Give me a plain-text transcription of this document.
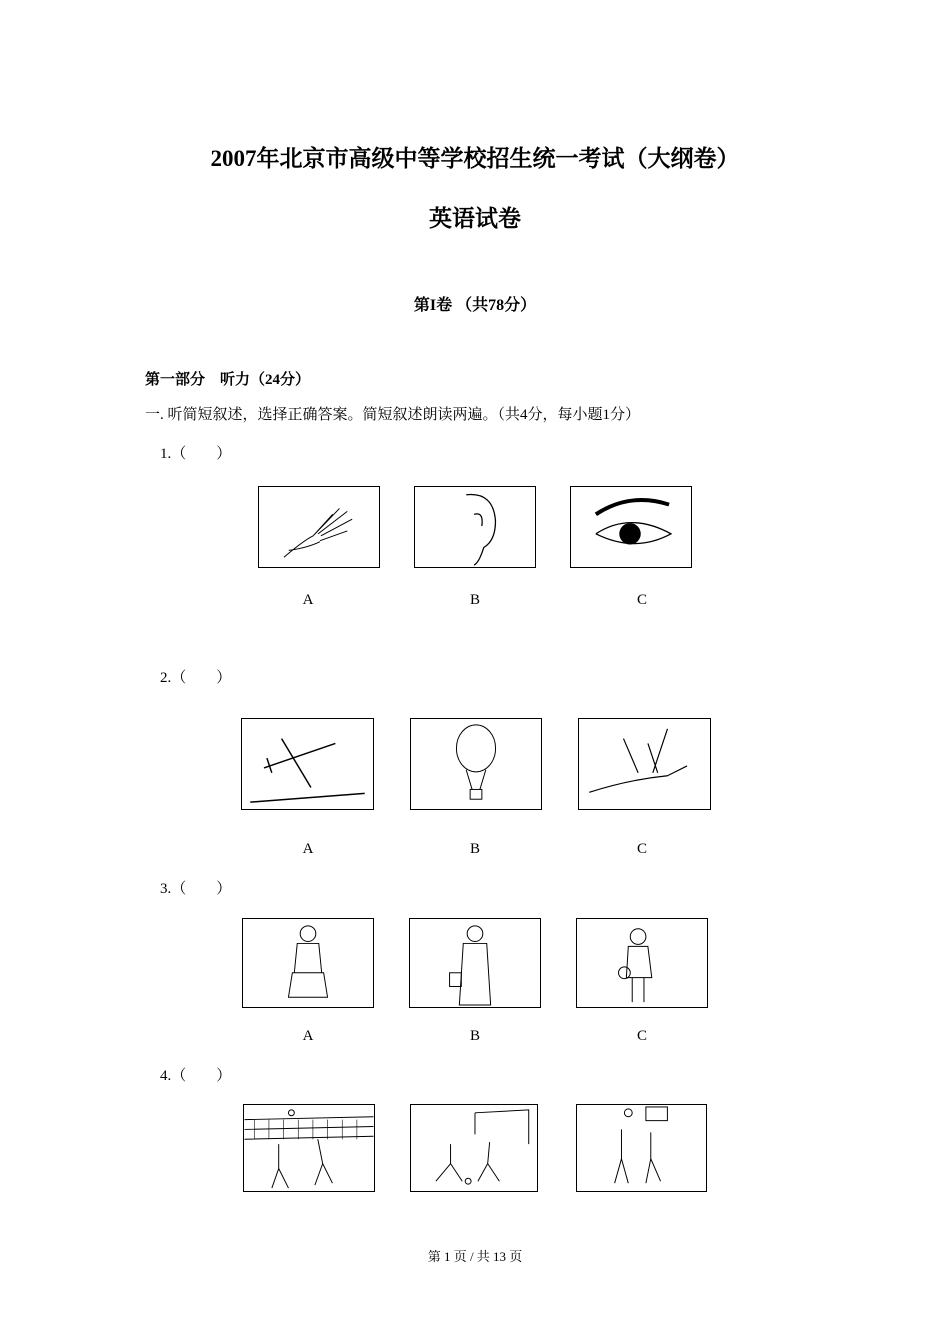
2007年北京市高级中等学校招生统一考试（大纲卷）
英语试卷
第I卷 （共78分）
第一部分　听力（24分）
一. 听简短叙述，选择正确答案。简短叙述朗读两遍。（共4分，每小题1分）
1.（　　）
A	B	C
2.（　　）
A	B	C
3.（　　）
A	B	C
4.（　　）
第 1 页 / 共 13 页
